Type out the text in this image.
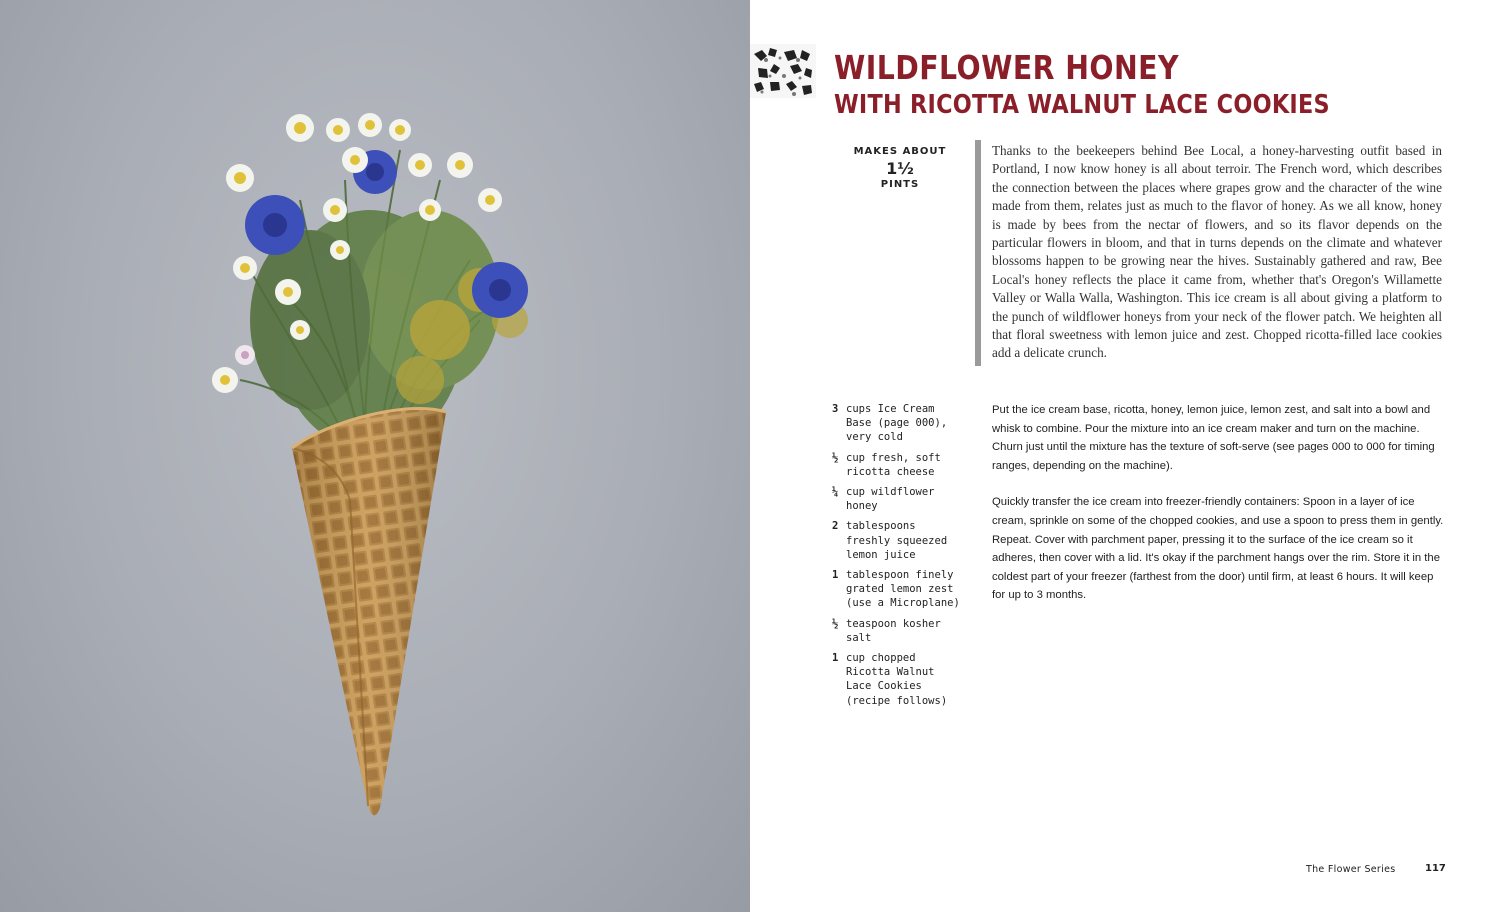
WILDFLOWER HONEY
WITH RICOTTA WALNUT LACE COOKIES
MAKES ABOUT
1½
PINTS

Thanks to the beekeepers behind Bee Local, a honey-harvesting outfit based in Portland, I now know honey is all about terroir. The French word, which describes the connection between the places where grapes grow and the character of the wine made from them, relates just as much to the flavor of honey. As we all know, honey is made by bees from the nectar of flowers, and so its flavor depends on the particular flowers in bloom, and that in turns depends on the climate and whatever blossoms happen to be growing near the hives. Sustainably gathered and raw, Bee Local's honey reflects the place it came from, whether that's Oregon's Willamette Valley or Walla Walla, Washington. This ice cream is all about giving a platform to the punch of wildflower honeys from your neck of the flower patch. We heighten all that floral sweetness with lemon juice and zest. Chopped ricotta-filled lace cookies add a delicate crunch.

3 cups Ice Cream Base (page 000), very cold
½ cup fresh, soft ricotta cheese
¼ cup wildflower honey
2 tablespoons freshly squeezed lemon juice
1 tablespoon finely grated lemon zest (use a Microplane)
½ teaspoon kosher salt
1 cup chopped Ricotta Walnut Lace Cookies (recipe follows)

Put the ice cream base, ricotta, honey, lemon juice, lemon zest, and salt into a bowl and whisk to combine. Pour the mixture into an ice cream maker and turn on the machine. Churn just until the mixture has the texture of soft-serve (see pages 000 to 000 for timing ranges, depending on the machine).

Quickly transfer the ice cream into freezer-friendly containers: Spoon in a layer of ice cream, sprinkle on some of the chopped cookies, and use a spoon to press them in gently. Repeat. Cover with parchment paper, pressing it to the surface of the ice cream so it adheres, then cover with a lid. It's okay if the parchment hangs over the rim. Store it in the coldest part of your freezer (farthest from the door) until firm, at least 6 hours. It will keep for up to 3 months.

The Flower Series	117
